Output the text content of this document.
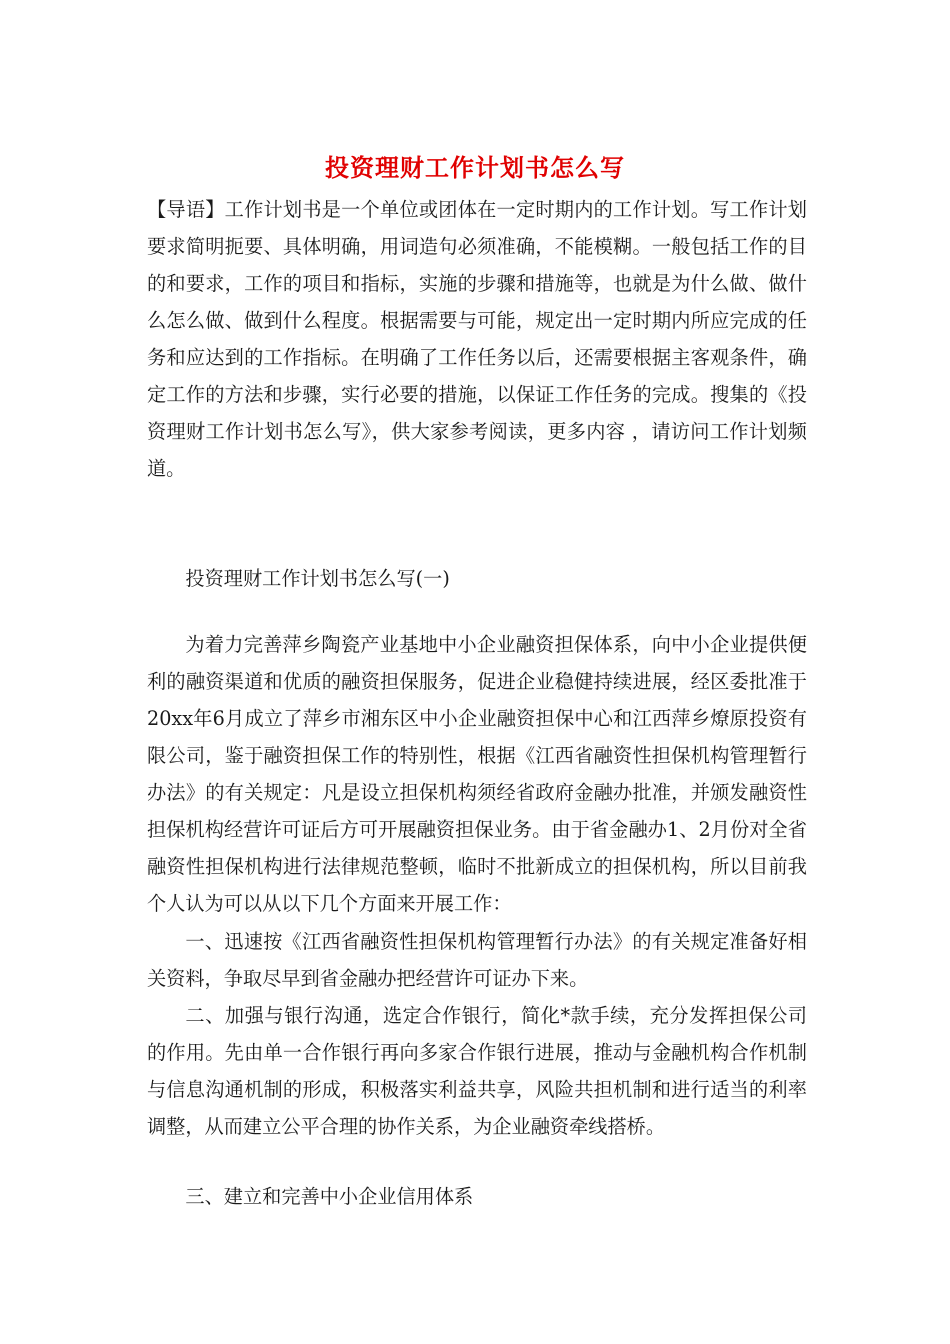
投资理财工作计划书怎么写
【导语】工作计划书是一个单位或团体在一定时期内的工作计划。写工作计划要求简明扼要、具体明确，用词造句必须准确，不能模糊。一般包括工作的目的和要求，工作的项目和指标，实施的步骤和措施等，也就是为什么做、做什么怎么做、做到什么程度。根据需要与可能，规定出一定时期内所应完成的任务和应达到的工作指标。在明确了工作任务以后，还需要根据主客观条件，确定工作的方法和步骤，实行必要的措施，以保证工作任务的完成。搜集的《投资理财工作计划书怎么写》，供大家参考阅读，更多内容 ，请访问工作计划频道。
投资理财工作计划书怎么写(一)
为着力完善萍乡陶瓷产业基地中小企业融资担保体系，向中小企业提供便利的融资渠道和优质的融资担保服务，促进企业稳健持续进展，经区委批准于20xx年6月成立了萍乡市湘东区中小企业融资担保中心和江西萍乡燎原投资有限公司，鉴于融资担保工作的特别性，根据《江西省融资性担保机构管理暂行办法》的有关规定：凡是设立担保机构须经省政府金融办批准，并颁发融资性担保机构经营许可证后方可开展融资担保业务。由于省金融办1、2月份对全省融资性担保机构进行法律规范整顿，临时不批新成立的担保机构，所以目前我个人认为可以从以下几个方面来开展工作：
一、迅速按《江西省融资性担保机构管理暂行办法》的有关规定准备好相关资料，争取尽早到省金融办把经营许可证办下来。
二、加强与银行沟通，选定合作银行，简化*款手续，充分发挥担保公司的作用。先由单一合作银行再向多家合作银行进展，推动与金融机构合作机制与信息沟通机制的形成，积极落实利益共享，风险共担机制和进行适当的利率调整，从而建立公平合理的协作关系，为企业融资牵线搭桥。
三、建立和完善中小企业信用体系
